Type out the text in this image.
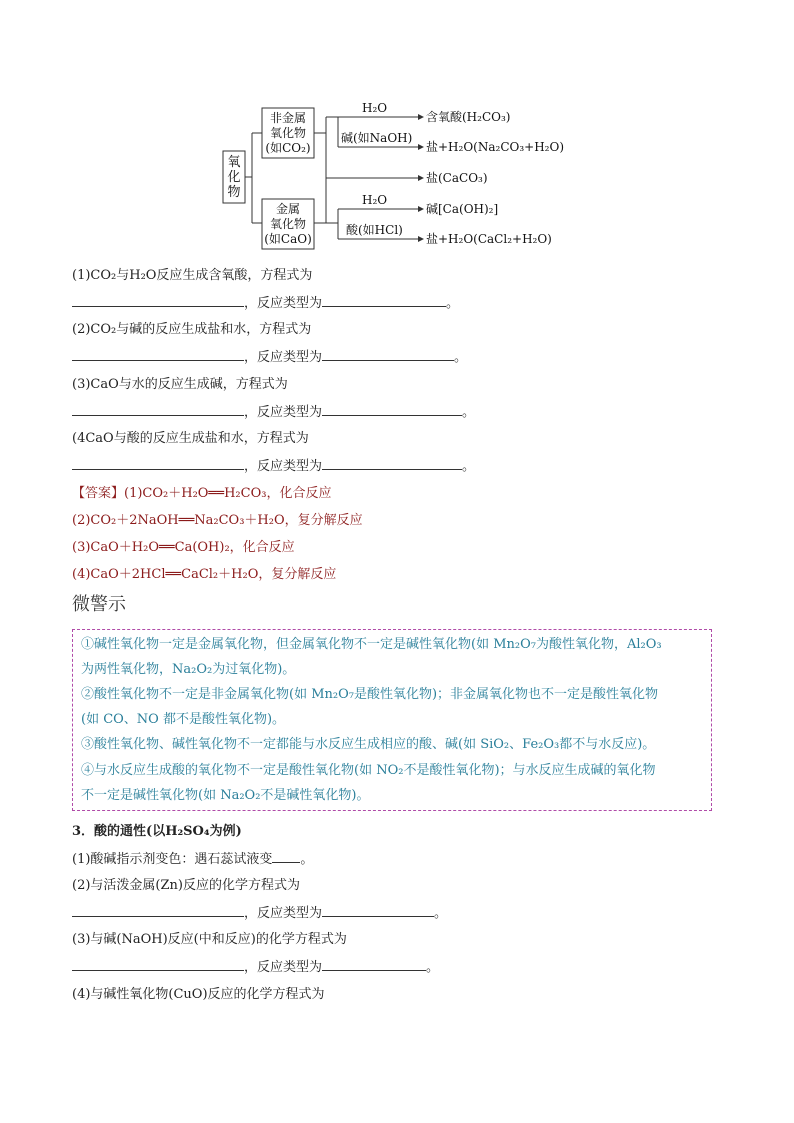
氧
化
物
非金属
氧化物
(如CO₂)
金属
氧化物
(如CaO)
H₂O
碱(如NaOH)
H₂O
酸(如HCl)
含氧酸(H₂CO₃)
盐+H₂O(Na₂CO₃+H₂O)
盐(CaCO₃)
碱[Ca(OH)₂]
盐+H₂O(CaCl₂+H₂O)
(1)CO₂与H₂O反应生成含氧酸，方程式为
，反应类型为	。
(2)CO₂与碱的反应生成盐和水，方程式为
，反应类型为	。
(3)CaO与水的反应生成碱，方程式为
，反应类型为	。
(4CaO与酸的反应生成盐和水，方程式为
，反应类型为	。
【答案】(1)CO₂＋H₂O══H₂CO₃，化合反应
(2)CO₂＋2NaOH══Na₂CO₃＋H₂O，复分解反应
(3)CaO＋H₂O══Ca(OH)₂，化合反应
(4)CaO＋2HCl══CaCl₂＋H₂O，复分解反应
微警示
①碱性氧化物一定是金属氧化物，但金属氧化物不一定是碱性氧化物(如 Mn₂O₇为酸性氧化物，Al₂O₃
为两性氧化物，Na₂O₂为过氧化物)。
②酸性氧化物不一定是非金属氧化物(如 Mn₂O₇是酸性氧化物)；非金属氧化物也不一定是酸性氧化物
(如 CO、NO 都不是酸性氧化物)。
③酸性氧化物、碱性氧化物不一定都能与水反应生成相应的酸、碱(如 SiO₂、Fe₂O₃都不与水反应)。
④与水反应生成酸的氧化物不一定是酸性氧化物(如 NO₂不是酸性氧化物)；与水反应生成碱的氧化物
不一定是碱性氧化物(如 Na₂O₂不是碱性氧化物)。
3．酸的通性(以H₂SO₄为例)
(1)酸碱指示剂变色：遇石蕊试液变 。
(2)与活泼金属(Zn)反应的化学方程式为
，反应类型为	。
(3)与碱(NaOH)反应(中和反应)的化学方程式为
，反应类型为	。
(4)与碱性氧化物(CuO)反应的化学方程式为
